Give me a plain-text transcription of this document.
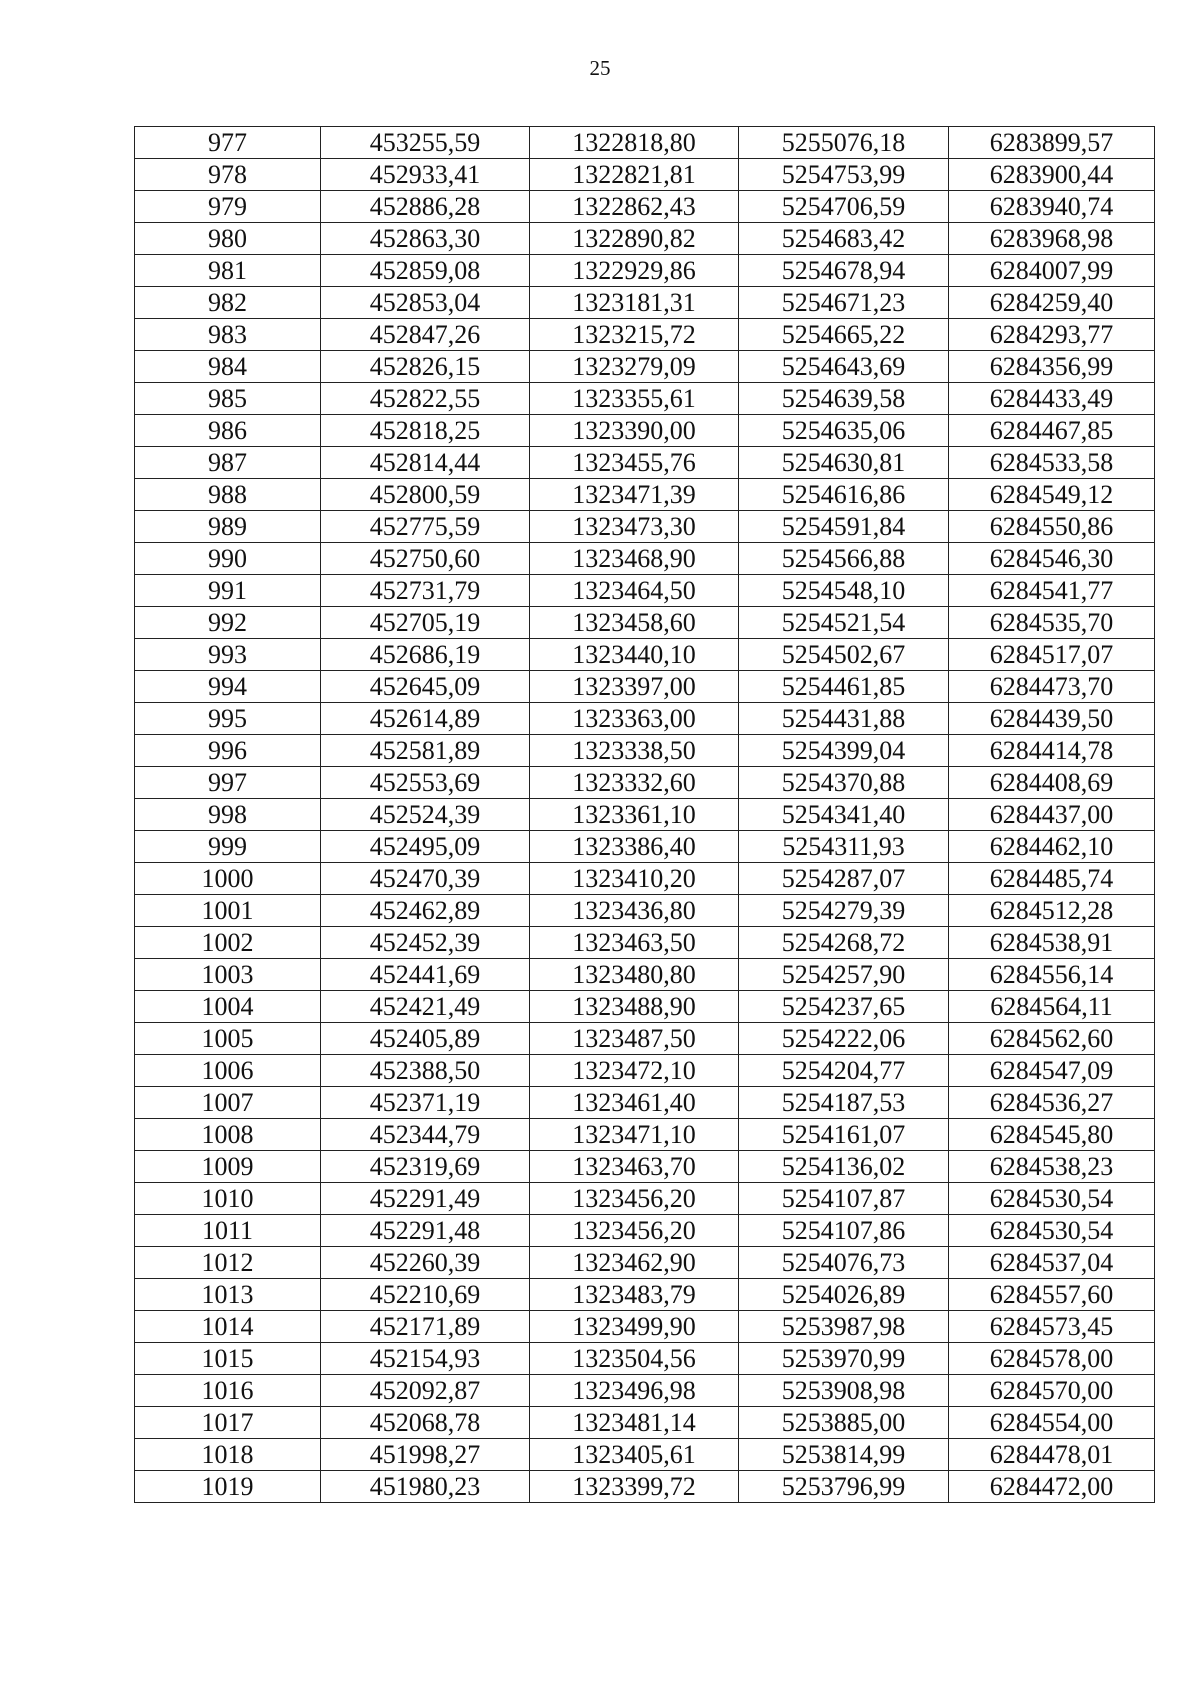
25
977	453255,59	1322818,80	5255076,18	6283899,57
978	452933,41	1322821,81	5254753,99	6283900,44
979	452886,28	1322862,43	5254706,59	6283940,74
980	452863,30	1322890,82	5254683,42	6283968,98
981	452859,08	1322929,86	5254678,94	6284007,99
982	452853,04	1323181,31	5254671,23	6284259,40
983	452847,26	1323215,72	5254665,22	6284293,77
984	452826,15	1323279,09	5254643,69	6284356,99
985	452822,55	1323355,61	5254639,58	6284433,49
986	452818,25	1323390,00	5254635,06	6284467,85
987	452814,44	1323455,76	5254630,81	6284533,58
988	452800,59	1323471,39	5254616,86	6284549,12
989	452775,59	1323473,30	5254591,84	6284550,86
990	452750,60	1323468,90	5254566,88	6284546,30
991	452731,79	1323464,50	5254548,10	6284541,77
992	452705,19	1323458,60	5254521,54	6284535,70
993	452686,19	1323440,10	5254502,67	6284517,07
994	452645,09	1323397,00	5254461,85	6284473,70
995	452614,89	1323363,00	5254431,88	6284439,50
996	452581,89	1323338,50	5254399,04	6284414,78
997	452553,69	1323332,60	5254370,88	6284408,69
998	452524,39	1323361,10	5254341,40	6284437,00
999	452495,09	1323386,40	5254311,93	6284462,10
1000	452470,39	1323410,20	5254287,07	6284485,74
1001	452462,89	1323436,80	5254279,39	6284512,28
1002	452452,39	1323463,50	5254268,72	6284538,91
1003	452441,69	1323480,80	5254257,90	6284556,14
1004	452421,49	1323488,90	5254237,65	6284564,11
1005	452405,89	1323487,50	5254222,06	6284562,60
1006	452388,50	1323472,10	5254204,77	6284547,09
1007	452371,19	1323461,40	5254187,53	6284536,27
1008	452344,79	1323471,10	5254161,07	6284545,80
1009	452319,69	1323463,70	5254136,02	6284538,23
1010	452291,49	1323456,20	5254107,87	6284530,54
1011	452291,48	1323456,20	5254107,86	6284530,54
1012	452260,39	1323462,90	5254076,73	6284537,04
1013	452210,69	1323483,79	5254026,89	6284557,60
1014	452171,89	1323499,90	5253987,98	6284573,45
1015	452154,93	1323504,56	5253970,99	6284578,00
1016	452092,87	1323496,98	5253908,98	6284570,00
1017	452068,78	1323481,14	5253885,00	6284554,00
1018	451998,27	1323405,61	5253814,99	6284478,01
1019	451980,23	1323399,72	5253796,99	6284472,00
